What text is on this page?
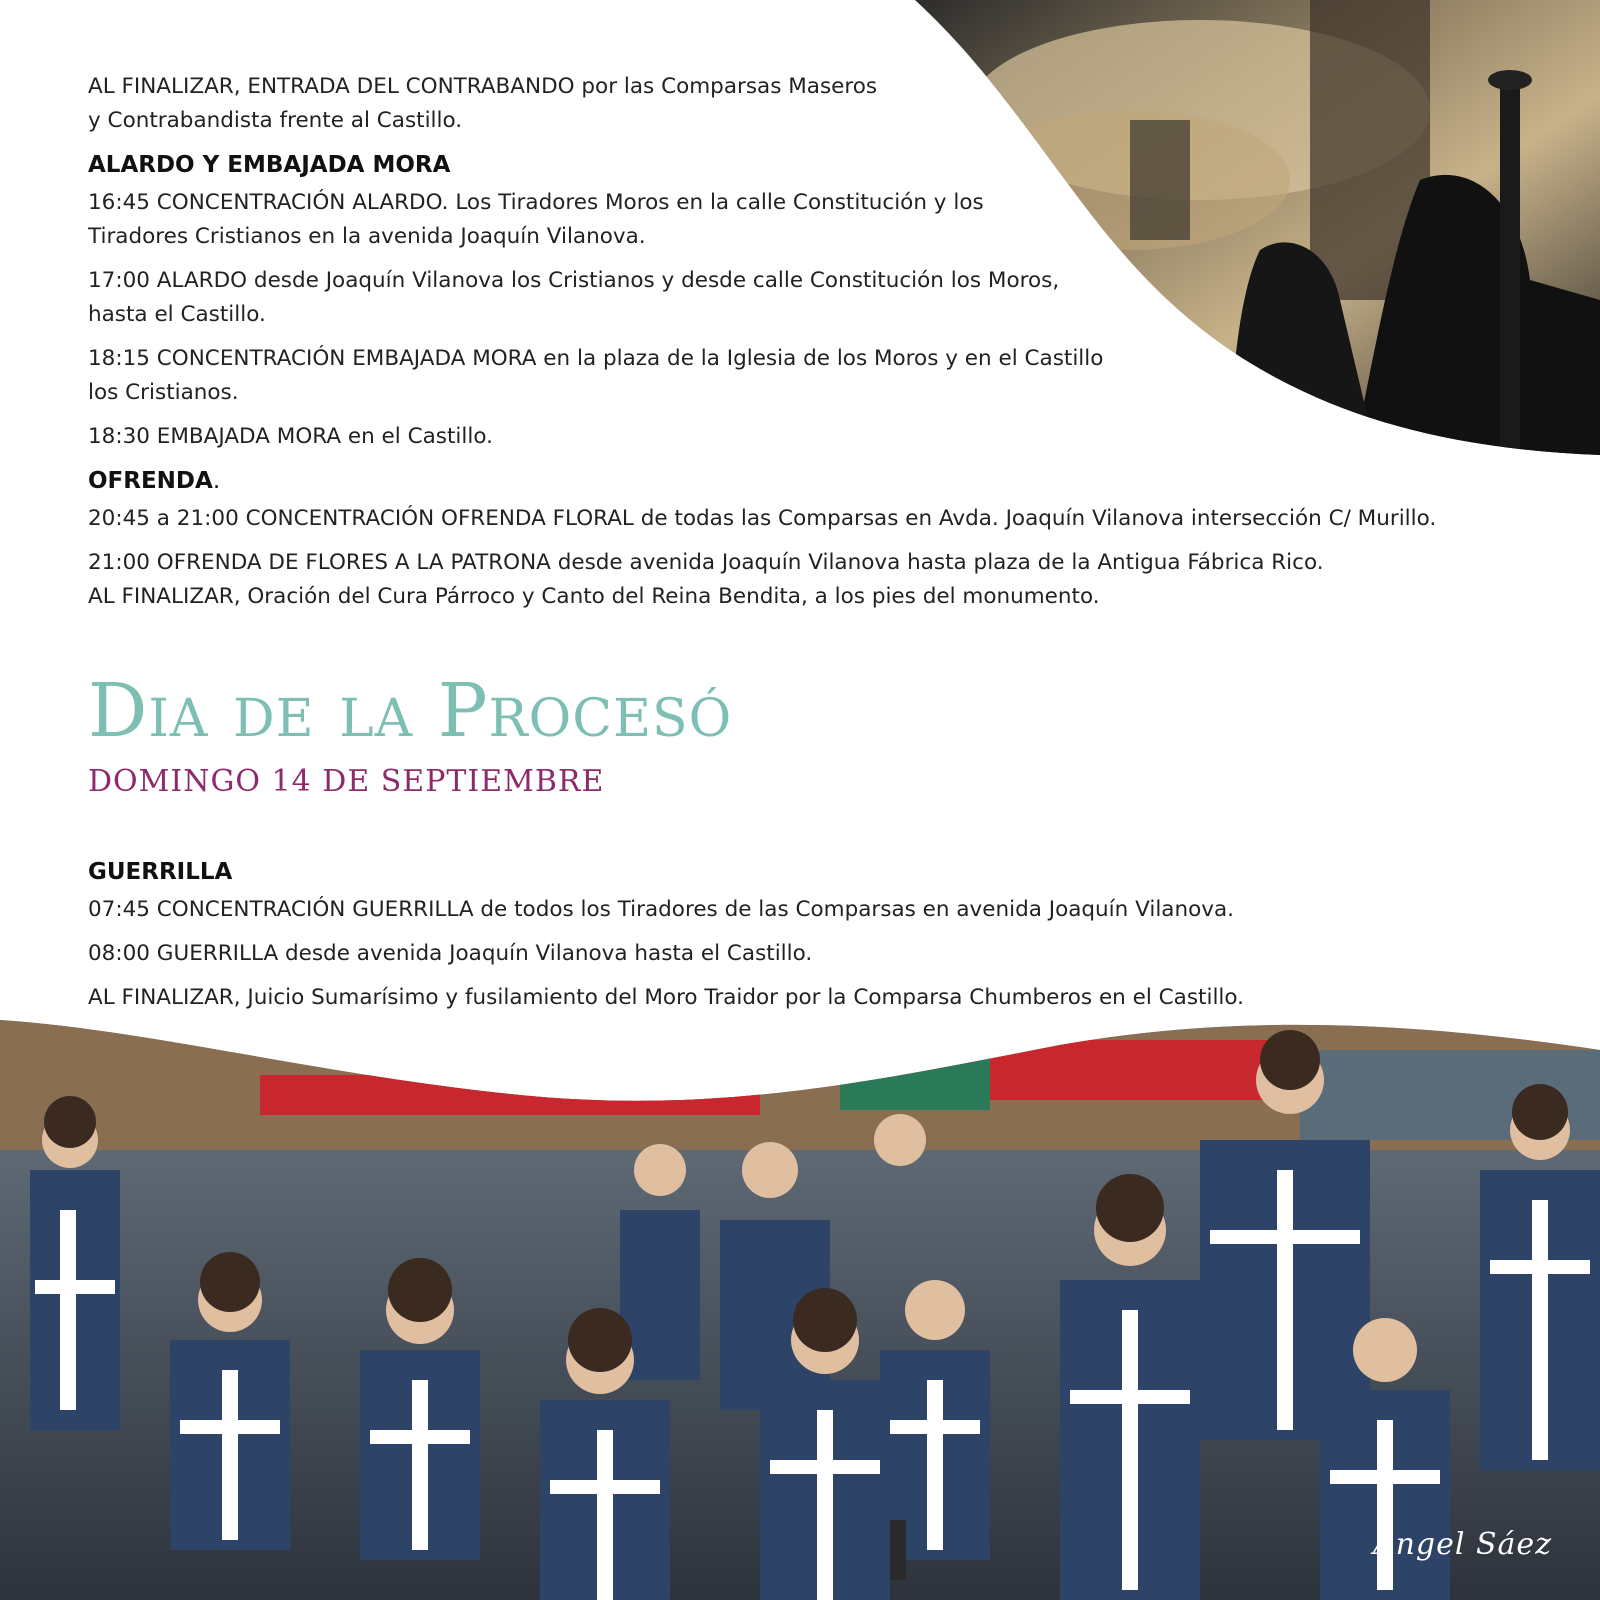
Angel Sáez

AL FINALIZAR, ENTRADA DEL CONTRABANDO por las Comparsas Maseros
y Contrabandista frente al Castillo.

ALARDO Y EMBAJADA MORA

16:45 CONCENTRACIÓN ALARDO. Los Tiradores Moros en la calle Constitución y los
Tiradores Cristianos en la avenida Joaquín Vilanova.

17:00 ALARDO desde Joaquín Vilanova los Cristianos y desde calle Constitución los Moros,
hasta el Castillo.

18:15 CONCENTRACIÓN EMBAJADA MORA en la plaza de la Iglesia de los Moros y en el Castillo
los Cristianos.

18:30 EMBAJADA MORA en el Castillo.

OFRENDA.

20:45 a 21:00 CONCENTRACIÓN OFRENDA FLORAL de todas las Comparsas en Avda. Joaquín Vilanova intersección C/ Murillo.

21:00 OFRENDA DE FLORES A LA PATRONA desde avenida Joaquín Vilanova hasta plaza de la Antigua Fábrica Rico.
AL FINALIZAR, Oración del Cura Párroco y Canto del Reina Bendita, a los pies del monumento.

Dia de la Procesó
DOMINGO 14 DE SEPTIEMBRE
GUERRILLA

07:45 CONCENTRACIÓN GUERRILLA de todos los Tiradores de las Comparsas en avenida Joaquín Vilanova.

08:00 GUERRILLA desde avenida Joaquín Vilanova hasta el Castillo.

AL FINALIZAR, Juicio Sumarísimo y fusilamiento del Moro Traidor por la Comparsa Chumberos en el Castillo.
